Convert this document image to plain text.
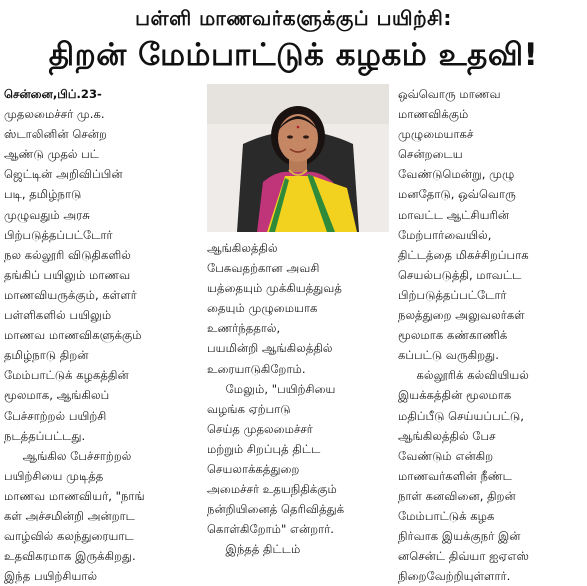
பள்ளி மாணவர்களுக்குப் பயிற்சி:
திறன் மேம்பாட்டுக் கழகம் உதவி!

சென்னை,பிப்.23-

முதலமைச்சர் மு.க.
ஸ்டாலினின் சென்ற
ஆண்டு முதல் பட்
ஜெட்டின் அறிவிப்பின்
படி, தமிழ்நாடு
முழுவதும் அரசு
பிற்படுத்தப்பட்டோர்
நல கல்லூரி விடுதிகளில்
தங்கிப் பயிலும் மாணவ
மாணவியருக்கும், கள்ளர்
பள்ளிகளில் பயிலும்
மாணவ மாணவிகளுக்கும்
தமிழ்நாடு திறன்
மேம்பாட்டுக் கழகத்தின்
மூலமாக, ஆங்கிலப்
பேச்சாற்றல் பயிற்சி
நடத்தப்பட்டது.

ஆங்கில பேச்சாற்றல்
பயிற்சியை முடித்த
மாணவ மாணவியர், "நாங்
கள் அச்சமின்றி அன்றாட
வாழ்வில் கலந்துரையாட
உதவிகரமாக இருக்கிறது.
இந்த பயிற்சியால்

ஆங்கிலத்தில்
பேசுவதற்கான அவசி
யத்தையும் முக்கியத்துவத்
தையும் முழுமையாக
உணர்ந்ததால்,
பயமின்றி ஆங்கிலத்தில்
உரையாடுகிறோம்.

மேலும், "பயிற்சியை
வழங்க ஏற்பாடு
செய்த முதலமைச்சர்
மற்றும் சிறப்புத் திட்ட
செயலாக்கத்துறை
அமைச்சர் உதயநிதிக்கும்
நன்றியினைத் தெரிவித்துக்
கொள்கிறோம்" என்றார்.

இந்தத் திட்டம்

ஒவ்வொரு மாணவ
மாணவிக்கும்
முழுமையாகச்
சென்றடைய
வேண்டுமென்று, முழு
மனதோடு, ஒவ்வொரு
மாவட்ட ஆட்சியரின்
மேற்பார்வையில்,
திட்டத்தை மிகச்சிறப்பாக
செயல்படுத்தி, மாவட்ட
பிற்படுத்தப்பட்டோர்
நலத்துறை அலுவலர்கள்
மூலமாக கண்காணிக்
கப்பட்டு வருகிறது.

கல்லூரிக் கல்வியியல்
இயக்கத்தின் மூலமாக
மதிப்பீடு செய்யப்பட்டு,
ஆங்கிலத்தில் பேச
வேண்டும் என்கிற
மாணவர்களின் நீண்ட
நாள் கனவினை, திறன்
மேம்பாட்டுக் கழக
நிர்வாக இயக்குநர் இன்
னசென்ட் திவ்யா ஐஏஎஸ்
நிறைவேற்றியுள்ளார்.
